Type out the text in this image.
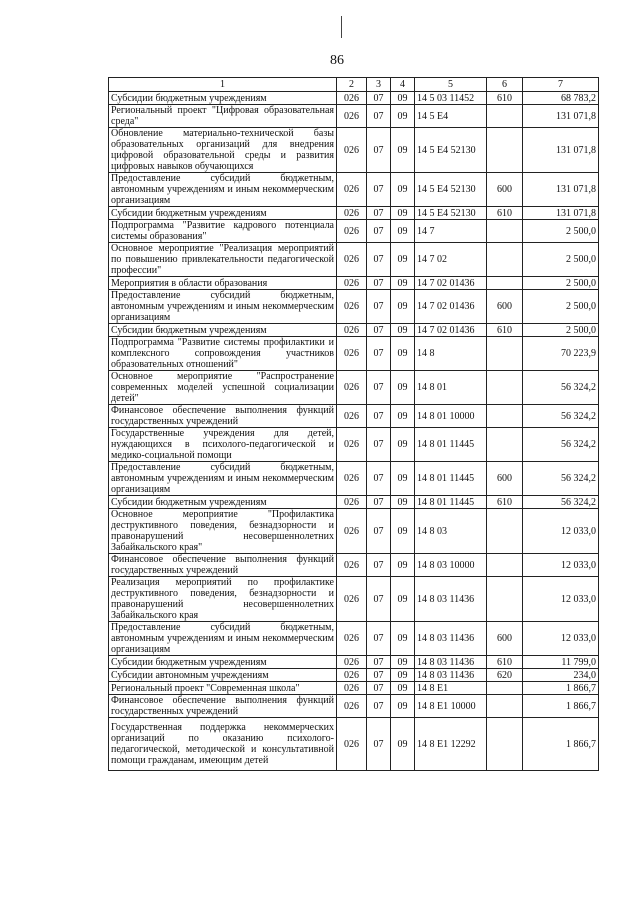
86
1	2	3	4	5	6	7
Субсидии бюджетным учреждениям	026	07	09	14 5 03 11452	610	68 783,2
Региональный проект "Цифровая образовательная среда"	026	07	09	14 5 Е4		131 071,8
Обновление материально-технической базы образовательных организаций для внедрения цифровой образовательной среды и развития цифровых навыков обучающихся	026	07	09	14 5 Е4 52130		131 071,8
Предоставление субсидий бюджетным, автономным учреждениям и иным некоммерческим организациям	026	07	09	14 5 Е4 52130	600	131 071,8
Субсидии бюджетным учреждениям	026	07	09	14 5 Е4 52130	610	131 071,8
Подпрограмма "Развитие кадрового потенциала системы образования"	026	07	09	14 7		2 500,0
Основное мероприятие "Реализация мероприятий по повышению привлекательности педагогической профессии"	026	07	09	14 7 02		2 500,0
Мероприятия в области образования	026	07	09	14 7 02 01436		2 500,0
Предоставление субсидий бюджетным, автономным учреждениям и иным некоммерческим организациям	026	07	09	14 7 02 01436	600	2 500,0
Субсидии бюджетным учреждениям	026	07	09	14 7 02 01436	610	2 500,0
Подпрограмма "Развитие системы профилактики и комплексного сопровождения участников образовательных отношений"	026	07	09	14 8		70 223,9
Основное мероприятие "Распространение современных моделей успешной социализации детей"	026	07	09	14 8 01		56 324,2
Финансовое обеспечение выполнения функций государственных учреждений	026	07	09	14 8 01 10000		56 324,2
Государственные учреждения для детей, нуждающихся в психолого-педагогической и медико-социальной помощи	026	07	09	14 8 01 11445		56 324,2
Предоставление субсидий бюджетным, автономным учреждениям и иным некоммерческим организациям	026	07	09	14 8 01 11445	600	56 324,2
Субсидии бюджетным учреждениям	026	07	09	14 8 01 11445	610	56 324,2
Основное мероприятие "Профилактика деструктивного поведения, безнадзорности и правонарушений несовершеннолетних Забайкальского края"	026	07	09	14 8 03		12 033,0
Финансовое обеспечение выполнения функций государственных учреждений	026	07	09	14 8 03 10000		12 033,0
Реализация мероприятий по профилактике деструктивного поведения, безнадзорности и правонарушений несовершеннолетних Забайкальского края	026	07	09	14 8 03 11436		12 033,0
Предоставление субсидий бюджетным, автономным учреждениям и иным некоммерческим организациям	026	07	09	14 8 03 11436	600	12 033,0
Субсидии бюджетным учреждениям	026	07	09	14 8 03 11436	610	11 799,0
Субсидии автономным учреждениям	026	07	09	14 8 03 11436	620	234,0
Региональный проект "Современная школа"	026	07	09	14 8 Е1		1 866,7
Финансовое обеспечение выполнения функций государственных учреждений	026	07	09	14 8 Е1 10000		1 866,7
Государственная поддержка некоммерческих организаций по оказанию психолого-педагогической, методической и консультативной помощи гражданам, имеющим детей	026	07	09	14 8 Е1 12292		1 866,7
